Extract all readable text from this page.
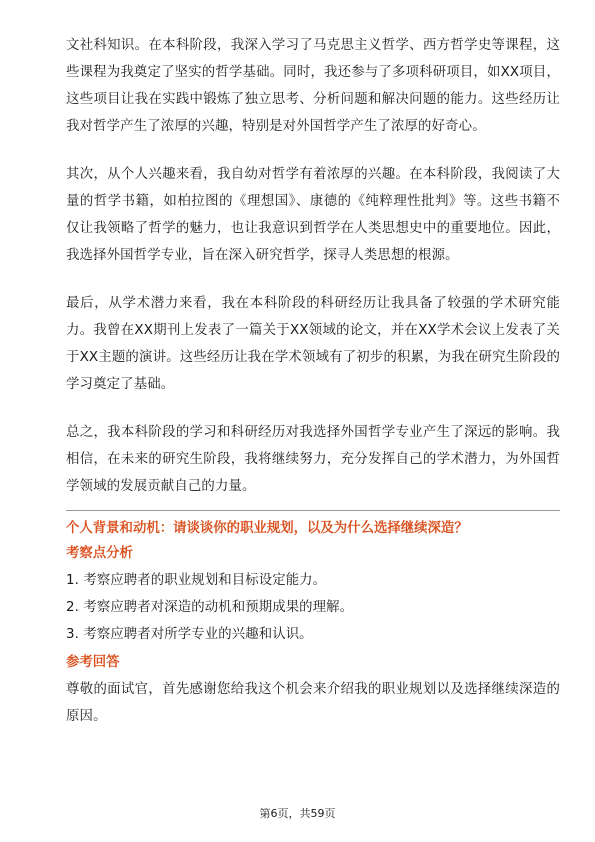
文社科知识。在本科阶段，我深入学习了马克思主义哲学、西方哲学史等课程，这些课程为我奠定了坚实的哲学基础。同时，我还参与了多项科研项目，如XX项目，这些项目让我在实践中锻炼了独立思考、分析问题和解决问题的能力。这些经历让我对哲学产生了浓厚的兴趣，特别是对外国哲学产生了浓厚的好奇心。

其次，从个人兴趣来看，我自幼对哲学有着浓厚的兴趣。在本科阶段，我阅读了大量的哲学书籍，如柏拉图的《理想国》、康德的《纯粹理性批判》等。这些书籍不仅让我领略了哲学的魅力，也让我意识到哲学在人类思想史中的重要地位。因此，我选择外国哲学专业，旨在深入研究哲学，探寻人类思想的根源。

最后，从学术潜力来看，我在本科阶段的科研经历让我具备了较强的学术研究能力。我曾在XX期刊上发表了一篇关于XX领域的论文，并在XX学术会议上发表了关于XX主题的演讲。这些经历让我在学术领域有了初步的积累，为我在研究生阶段的学习奠定了基础。

总之，我本科阶段的学习和科研经历对我选择外国哲学专业产生了深远的影响。我相信，在未来的研究生阶段，我将继续努力，充分发挥自己的学术潜力，为外国哲学领域的发展贡献自己的力量。

个人背景和动机：请谈谈你的职业规划，以及为什么选择继续深造？

考察点分析

1. 考察应聘者的职业规划和目标设定能力。
2. 考察应聘者对深造的动机和预期成果的理解。
3. 考察应聘者对所学专业的兴趣和认识。

参考回答

尊敬的面试官，首先感谢您给我这个机会来介绍我的职业规划以及选择继续深造的原因。

第6页，共59页
